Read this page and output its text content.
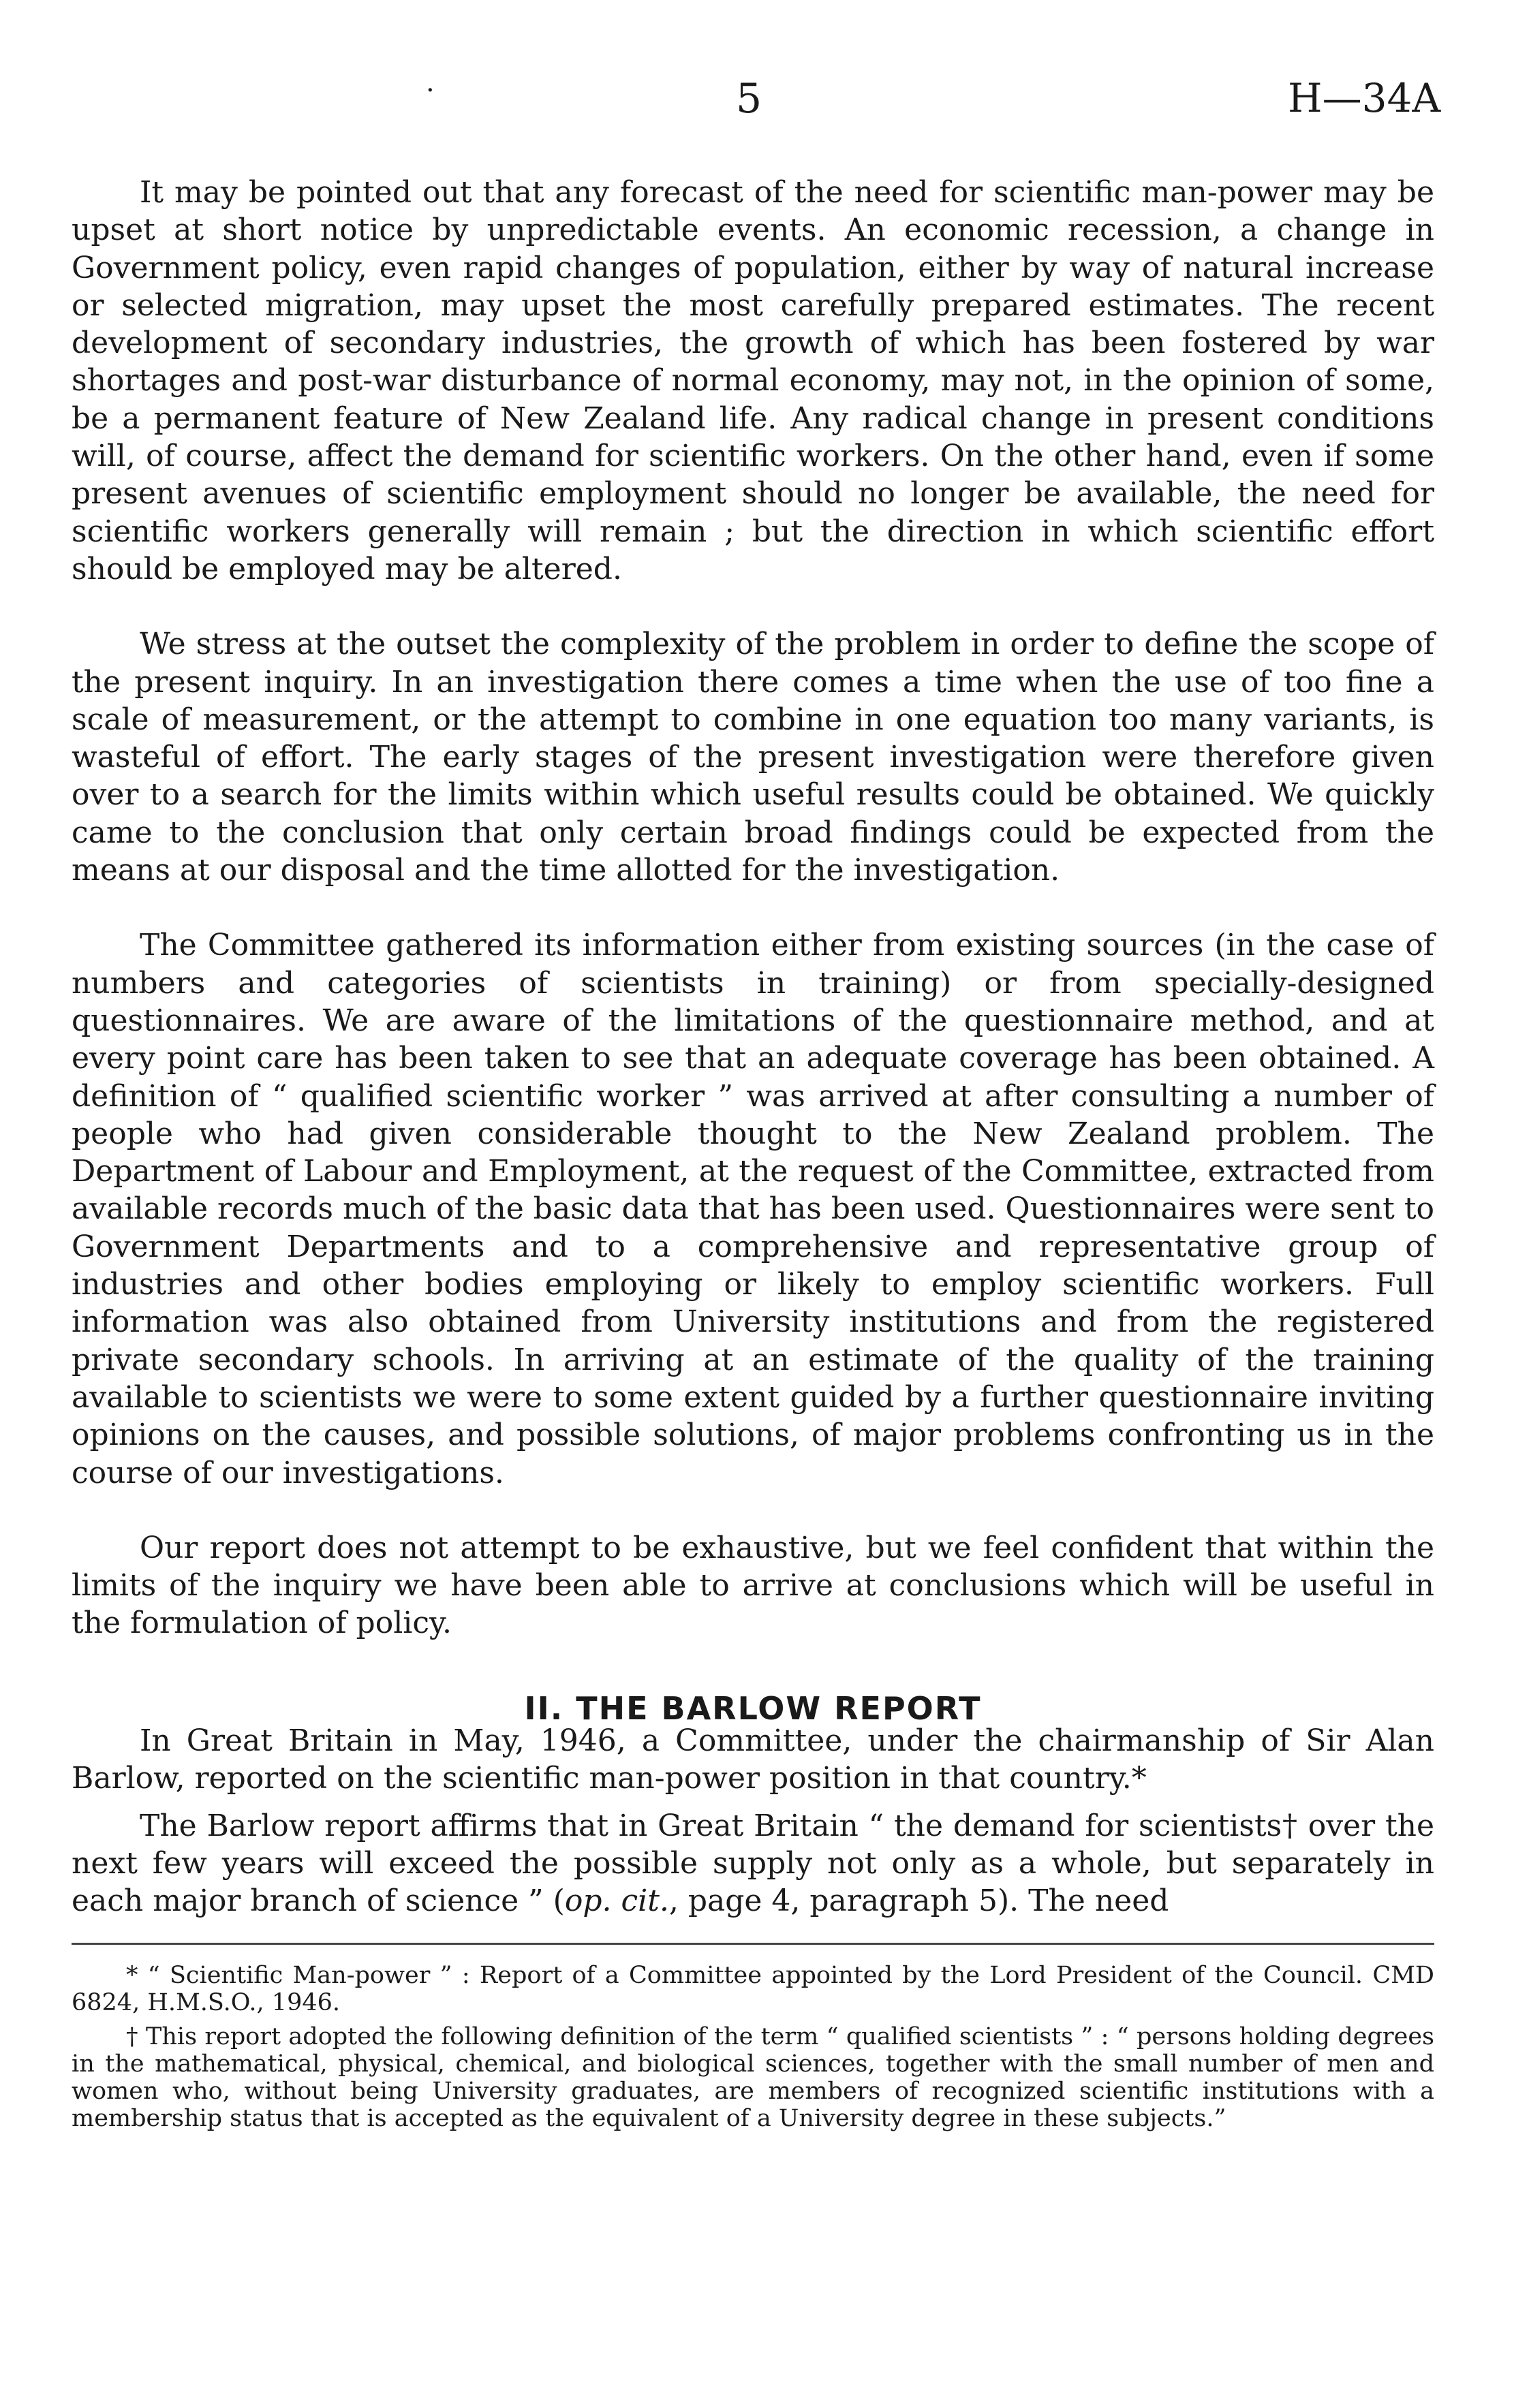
·	5	H—34A

It may be pointed out that any forecast of the need for scientific man-power may be upset at short notice by unpredictable events. An economic recession, a change in Government policy, even rapid changes of population, either by way of natural increase or selected migration, may upset the most carefully prepared estimates. The recent development of secondary industries, the growth of which has been fostered by war shortages and post-war disturbance of normal economy, may not, in the opinion of some, be a permanent feature of New Zealand life. Any radical change in present conditions will, of course, affect the demand for scientific workers. On the other hand, even if some present avenues of scientific employment should no longer be available, the need for scientific workers generally will remain ; but the direction in which scientific effort should be employed may be altered.

We stress at the outset the complexity of the problem in order to define the scope of the present inquiry. In an investigation there comes a time when the use of too fine a scale of measurement, or the attempt to combine in one equation too many variants, is wasteful of effort. The early stages of the present investigation were therefore given over to a search for the limits within which useful results could be obtained. We quickly came to the conclusion that only certain broad findings could be expected from the means at our disposal and the time allotted for the investigation.

The Committee gathered its information either from existing sources (in the case of numbers and categories of scientists in training) or from specially-designed questionnaires. We are aware of the limitations of the questionnaire method, and at every point care has been taken to see that an adequate coverage has been obtained. A definition of “ qualified scientific worker ” was arrived at after consulting a number of people who had given considerable thought to the New Zealand problem. The Department of Labour and Employment, at the request of the Committee, extracted from available records much of the basic data that has been used. Questionnaires were sent to Government Departments and to a comprehensive and representative group of industries and other bodies employing or likely to employ scientific workers. Full information was also obtained from University institutions and from the registered private secondary schools. In arriving at an estimate of the quality of the training available to scientists we were to some extent guided by a further questionnaire inviting opinions on the causes, and possible solutions, of major problems confronting us in the course of our investigations.

Our report does not attempt to be exhaustive, but we feel confident that within the limits of the inquiry we have been able to arrive at conclusions which will be useful in the formulation of policy.

II. THE BARLOW REPORT

In Great Britain in May, 1946, a Committee, under the chairmanship of Sir Alan Barlow, reported on the scientific man-power position in that country.*

The Barlow report affirms that in Great Britain “ the demand for scientists† over the next few years will exceed the possible supply not only as a whole, but separately in each major branch of science ” (op. cit., page 4, paragraph 5). The need

* “ Scientific Man-power ” : Report of a Committee appointed by the Lord President of the Council. CMD 6824, H.M.S.O., 1946.

† This report adopted the following definition of the term “ qualified scientists ” : “ persons holding degrees in the mathematical, physical, chemical, and biological sciences, together with the small number of men and women who, without being University graduates, are members of recognized scientific institutions with a membership status that is accepted as the equivalent of a University degree in these subjects.”
